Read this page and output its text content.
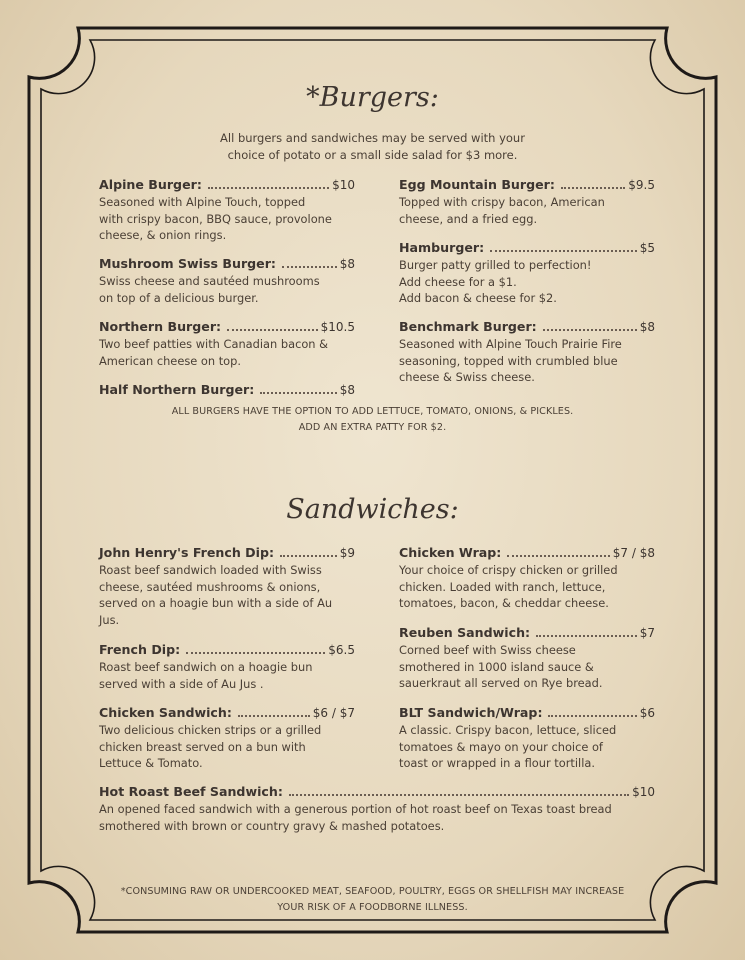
*Burgers:
All burgers and sandwiches may be served with your
choice of potato or a small side salad for $3 more.
Alpine Burger:	$10
Seasoned with Alpine Touch, topped
with crispy bacon, BBQ sauce, provolone
cheese, & onion rings.
Mushroom Swiss Burger:	$8
Swiss cheese and sautéed mushrooms
on top of a delicious burger.
Northern Burger:	$10.5
Two beef patties with Canadian bacon &
American cheese on top.
Half Northern Burger:	$8
Egg Mountain Burger:	$9.5
Topped with crispy bacon, American
cheese, and a fried egg.
Hamburger:	$5
Burger patty grilled to perfection!
Add cheese for a $1.
Add bacon & cheese for $2.
Benchmark Burger:	$8
Seasoned with Alpine Touch Prairie Fire
seasoning, topped with crumbled blue
cheese & Swiss cheese.
ALL BURGERS HAVE THE OPTION TO ADD LETTUCE, TOMATO, ONIONS, & PICKLES.
ADD AN EXTRA PATTY FOR $2.
Sandwiches:
John Henry's French Dip:	$9
Roast beef sandwich loaded with Swiss
cheese, sautéed mushrooms & onions,
served on a hoagie bun with a side of Au
Jus.
French Dip:	$6.5
Roast beef sandwich on a hoagie bun
served with a side of Au Jus .
Chicken Sandwich:	$6 / $7
Two delicious chicken strips or a grilled
chicken breast served on a bun with
Lettuce & Tomato.
Chicken Wrap:	$7 / $8
Your choice of crispy chicken or grilled
chicken. Loaded with ranch, lettuce,
tomatoes, bacon, & cheddar cheese.
Reuben Sandwich:	$7
Corned beef with Swiss cheese
smothered in 1000 island sauce &
sauerkraut all served on Rye bread.
BLT Sandwich/Wrap:	$6
A classic. Crispy bacon, lettuce, sliced
tomatoes & mayo on your choice of
toast or wrapped in a flour tortilla.
Hot Roast Beef Sandwich:	$10
An opened faced sandwich with a generous portion of hot roast beef on Texas toast bread
smothered with brown or country gravy & mashed potatoes.
*CONSUMING RAW OR UNDERCOOKED MEAT, SEAFOOD, POULTRY, EGGS OR SHELLFISH MAY INCREASE
YOUR RISK OF A FOODBORNE ILLNESS.
